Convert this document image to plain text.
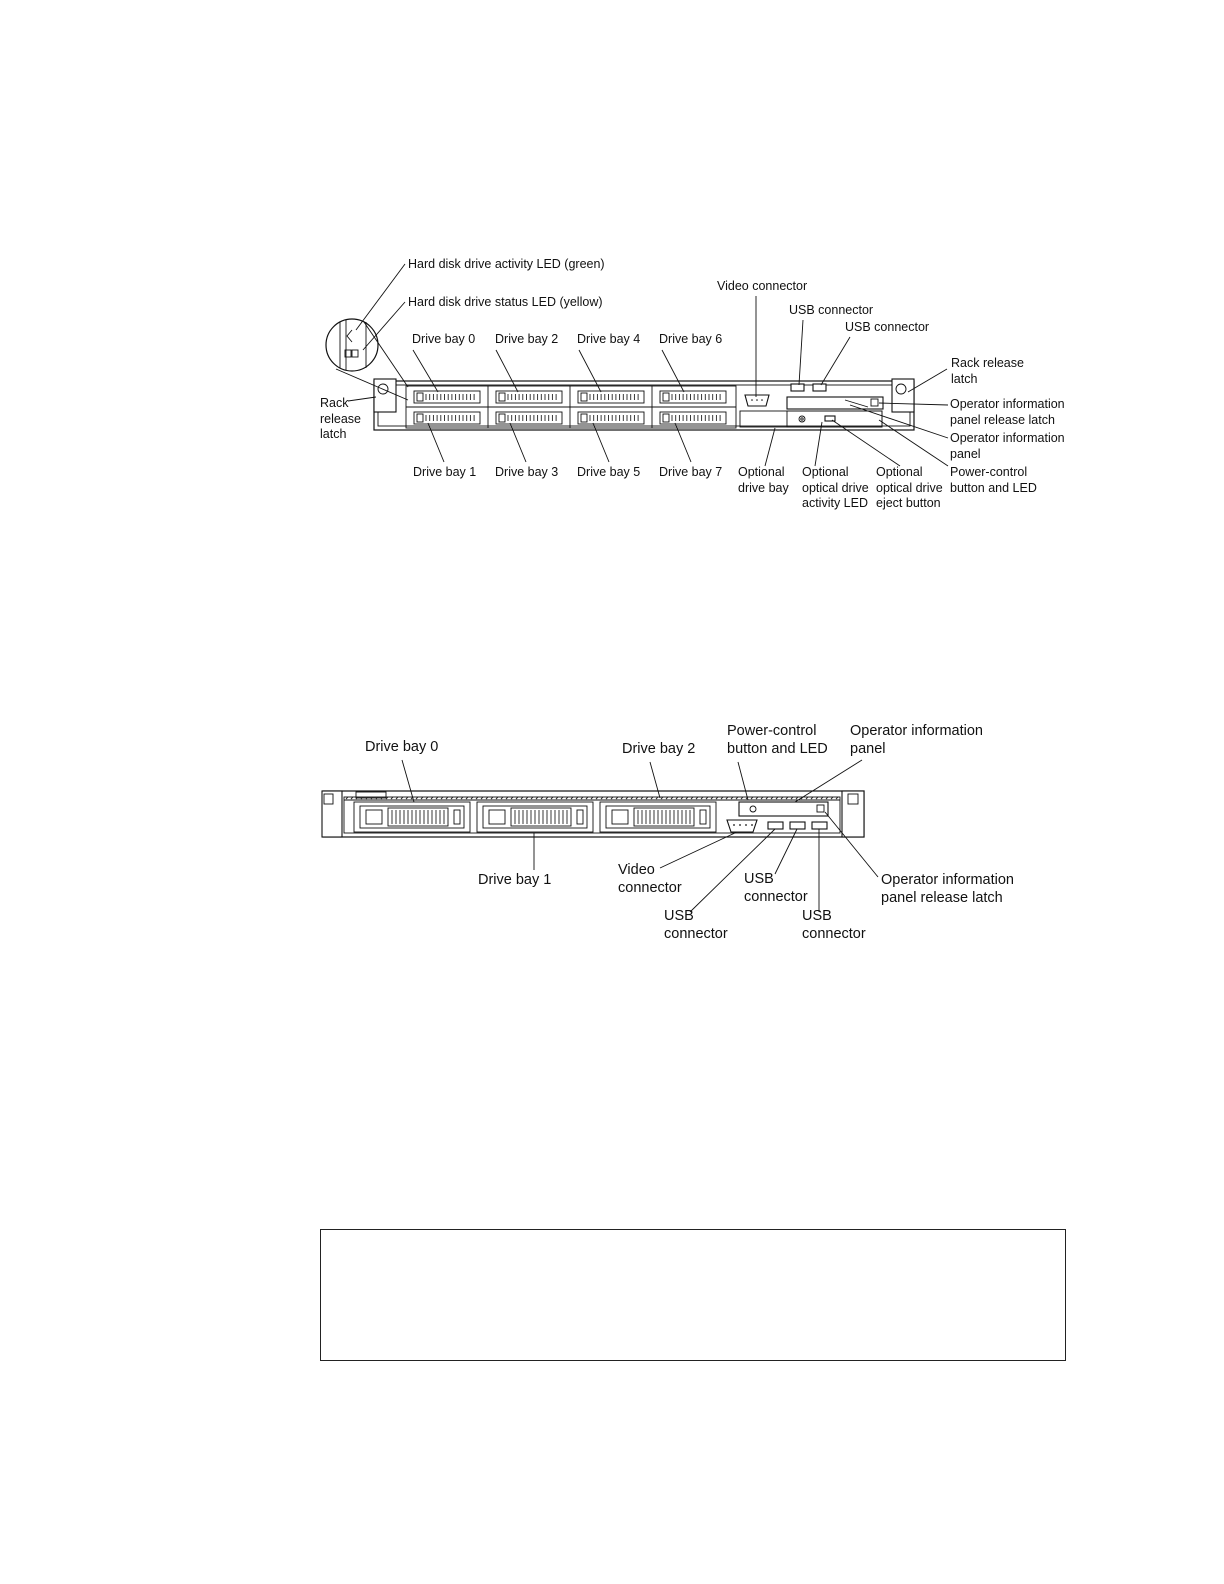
Hard disk drive activity LED (green)
Hard disk drive status LED (yellow)
Video connector
USB connector
USB connector
Drive bay 0 Drive bay 2 Drive bay 4 Drive bay 6
Rack release
latch
Rack
release
latch
Operator information
panel release latch
Operator information
panel
Drive bay 1 Drive bay 3 Drive bay 5 Drive bay 7 Optional
drive bay
Optional
optical drive
activity LED
Optional
optical drive
eject button
Power-control
button and LED
Drive bay 0	Drive bay 2
Power-control
button and LED
Operator information
panel
Drive bay 1
Video
connector
USB
connector
USB
connector
USB
connector
Operator information
panel release latch
